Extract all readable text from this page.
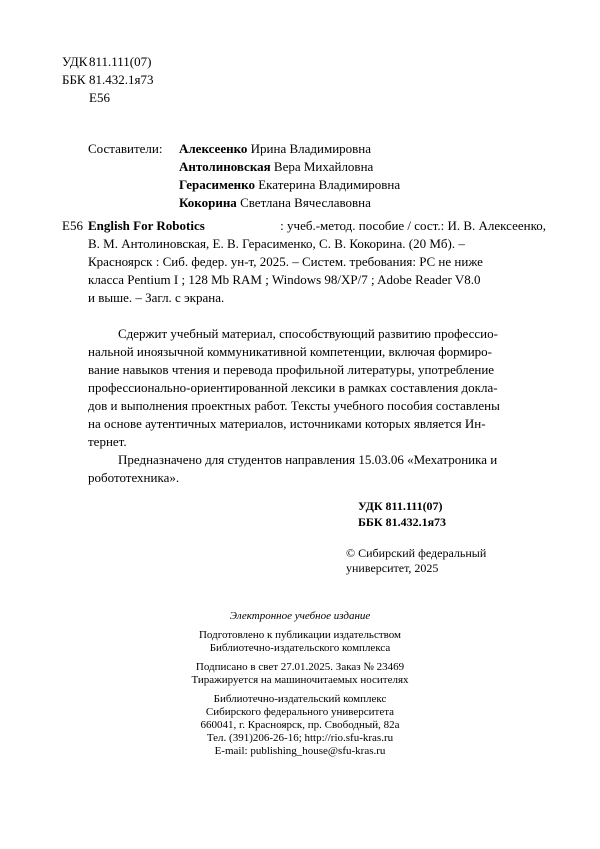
УДК 811.111(07)
ББК 81.432.1я73
Е56
Составители:	Алексеенко Ирина Владимировна
Антолиновская Вера Михайловна
Герасименко Екатерина Владимировна
Кокорина Светлана Вячеславовна
Е56 English For Robotics	: учеб.-метод. пособие / сост.: И. В. Алексеенко,
В. М. Антолиновская, Е. В. Герасименко, С. В. Кокорина. (20 Мб). –
Красноярск : Сиб. федер. ун-т, 2025. – Систем. требования: PC не ниже
класса Pentium I ; 128 Mb RAM ; Windows 98/XP/7 ; Adobe Reader V8.0
и выше. – Загл. с экрана.
Сдержит учебный материал, способствующий развитию профессио-
нальной иноязычной коммуникативной компетенции, включая формиро-
вание навыков чтения и перевода профильной литературы, употребление
профессионально-ориентированной лексики в рамках составления докла-
дов и выполнения проектных работ. Тексты учебного пособия составлены
на основе аутентичных материалов, источниками которых является Ин-
тернет.
Предназначено для студентов направления 15.03.06 «Мехатроника и
робототехника».
УДК 811.111(07)
ББК 81.432.1я73
© Сибирский федеральный
университет, 2025
Электронное учебное издание
Подготовлено к публикации издательством
Библиотечно-издательского комплекса
Подписано в свет 27.01.2025. Заказ № 23469
Тиражируется на машиночитаемых носителях
Библиотечно-издательский комплекс
Сибирского федерального университета
660041, г. Красноярск, пр. Свободный, 82а
Тел. (391)206-26-16; http://rio.sfu-kras.ru
E-mail: publishing_house@sfu-kras.ru
